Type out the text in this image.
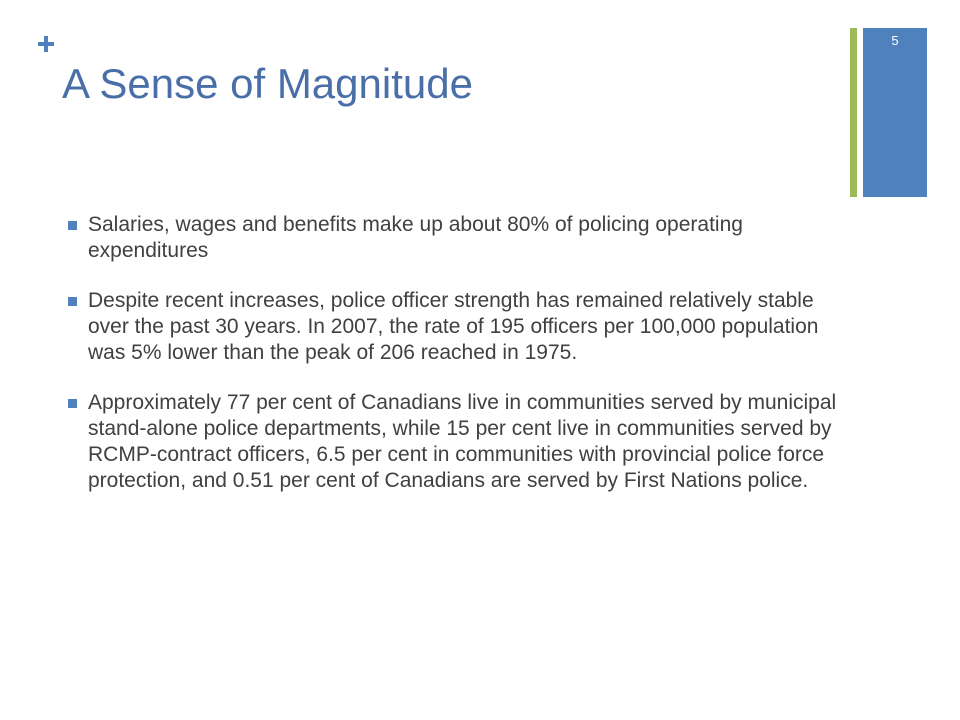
A Sense of Magnitude
5
Salaries, wages and benefits make up about 80% of policing operating expenditures
Despite recent increases, police officer strength has remained relatively stable over the past 30 years. In 2007, the rate of 195 officers per 100,000 population was 5% lower than the peak of 206 reached in 1975.
Approximately 77 per cent of Canadians live in communities served by municipal stand-alone police departments, while 15 per cent live in communities served by RCMP-contract officers, 6.5 per cent in communities with provincial police force protection, and 0.51 per cent of Canadians are served by First Nations police.
